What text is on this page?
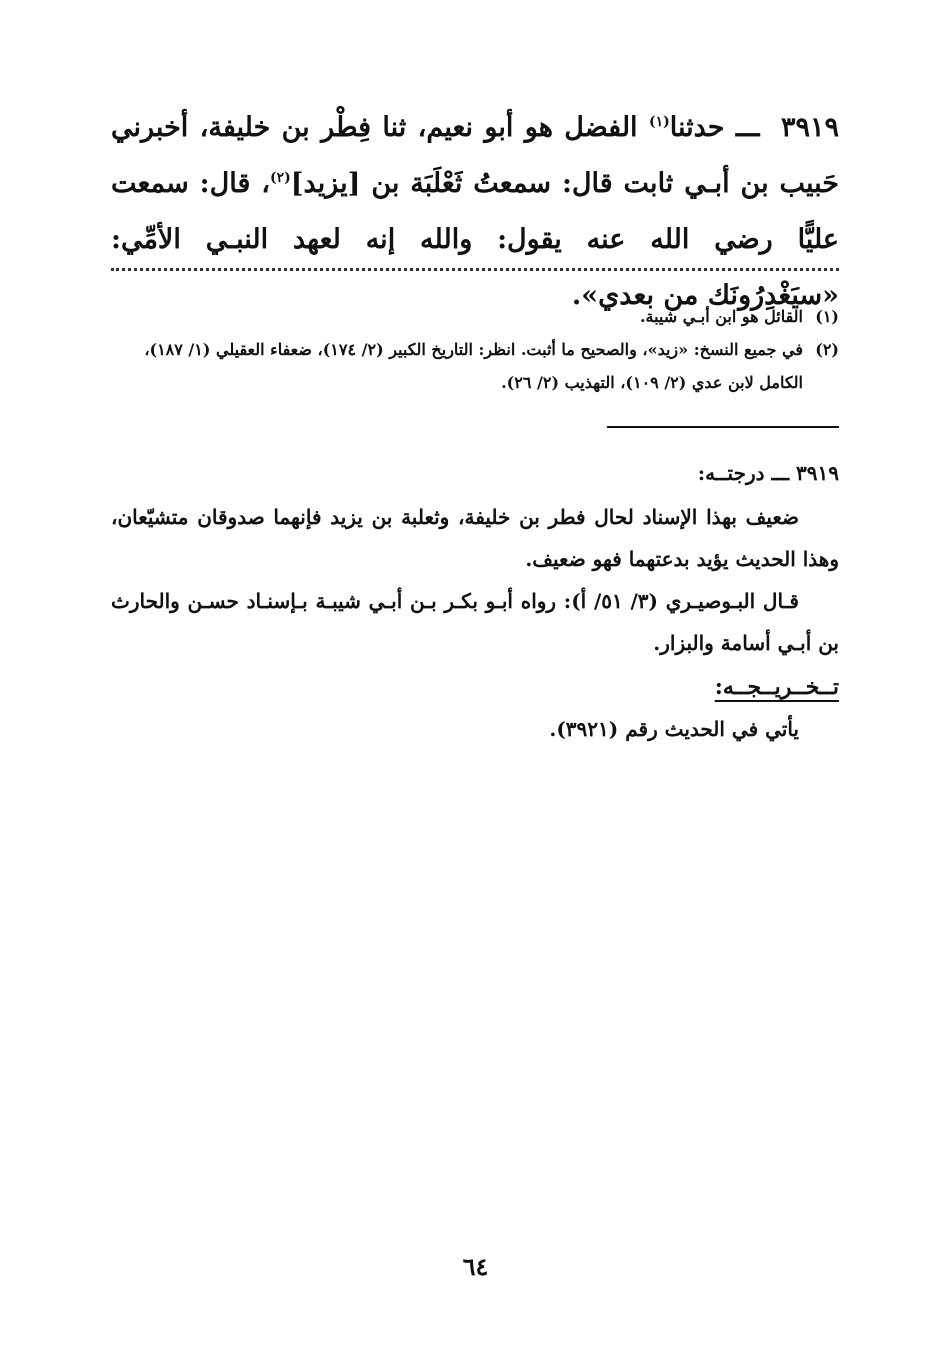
٣٩١٩ ـــ حدثنا$^{(١)}$ الفضل هو أبو نعيم، ثنا فِطْر بن خليفة، أخبرني حَبيب بن أبـي ثابت قال: سمعتُ ثَعْلَبَة بن [يزيد]$^{(٢)}$، قال: سمعت عليًّا رضي الله عنه يقول: والله إنه لعهد النبـي الأمِّي: «سيَغْدِرُونَك من بعدي».

(١)
القائل هو ابن أبـي شيبة.
(٢)
في جميع النسخ: «زيد»، والصحيح ما أثبت. انظر: التاريخ الكبير (٢/ ١٧٤)، ضعفاء العقيلي (١/ ١٨٧)، الكامل لابن عدي (٢/ ١٠٩)، التهذيب (٢/ ٢٦).

٣٩١٩ ـــ درجتــه:

ضعيف بهذا الإسناد لحال فطر بن خليفة، وثعلبة بن يزيد فإنهما صدوقان متشيّعان، وهذا الحديث يؤيد بدعتهما فهو ضعيف.

قـال البـوصيـري (٣/ ٥١/ أ): رواه أبـو بكـر بـن أبـي شيبـة بـإسنـاد حسـن والحارث بن أبـي أسامة والبزار.

تــخــريــجــه:

يأتي في الحديث رقم (٣٩٢١).

٦٤
